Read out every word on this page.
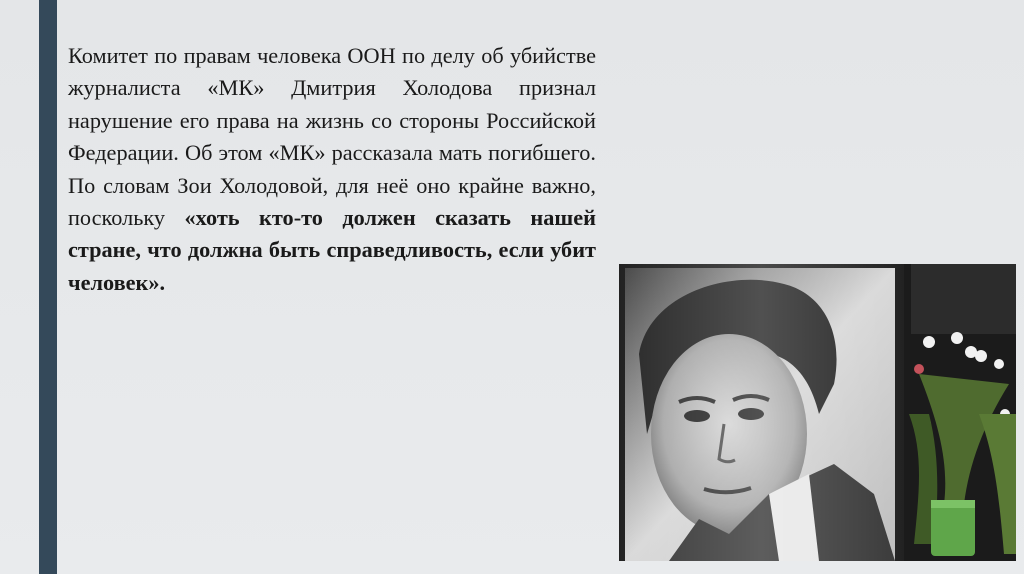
Комитет по правам человека ООН по делу об убийстве журналиста «МК» Дмитрия Холодова признал нарушение его права на жизнь со стороны Российской Федерации. Об этом «МК» рассказала мать погибшего. По словам Зои Холодовой, для неё оно крайне важно, поскольку «хоть кто-то должен сказать нашей стране, что должна быть справедливость, если убит человек».
